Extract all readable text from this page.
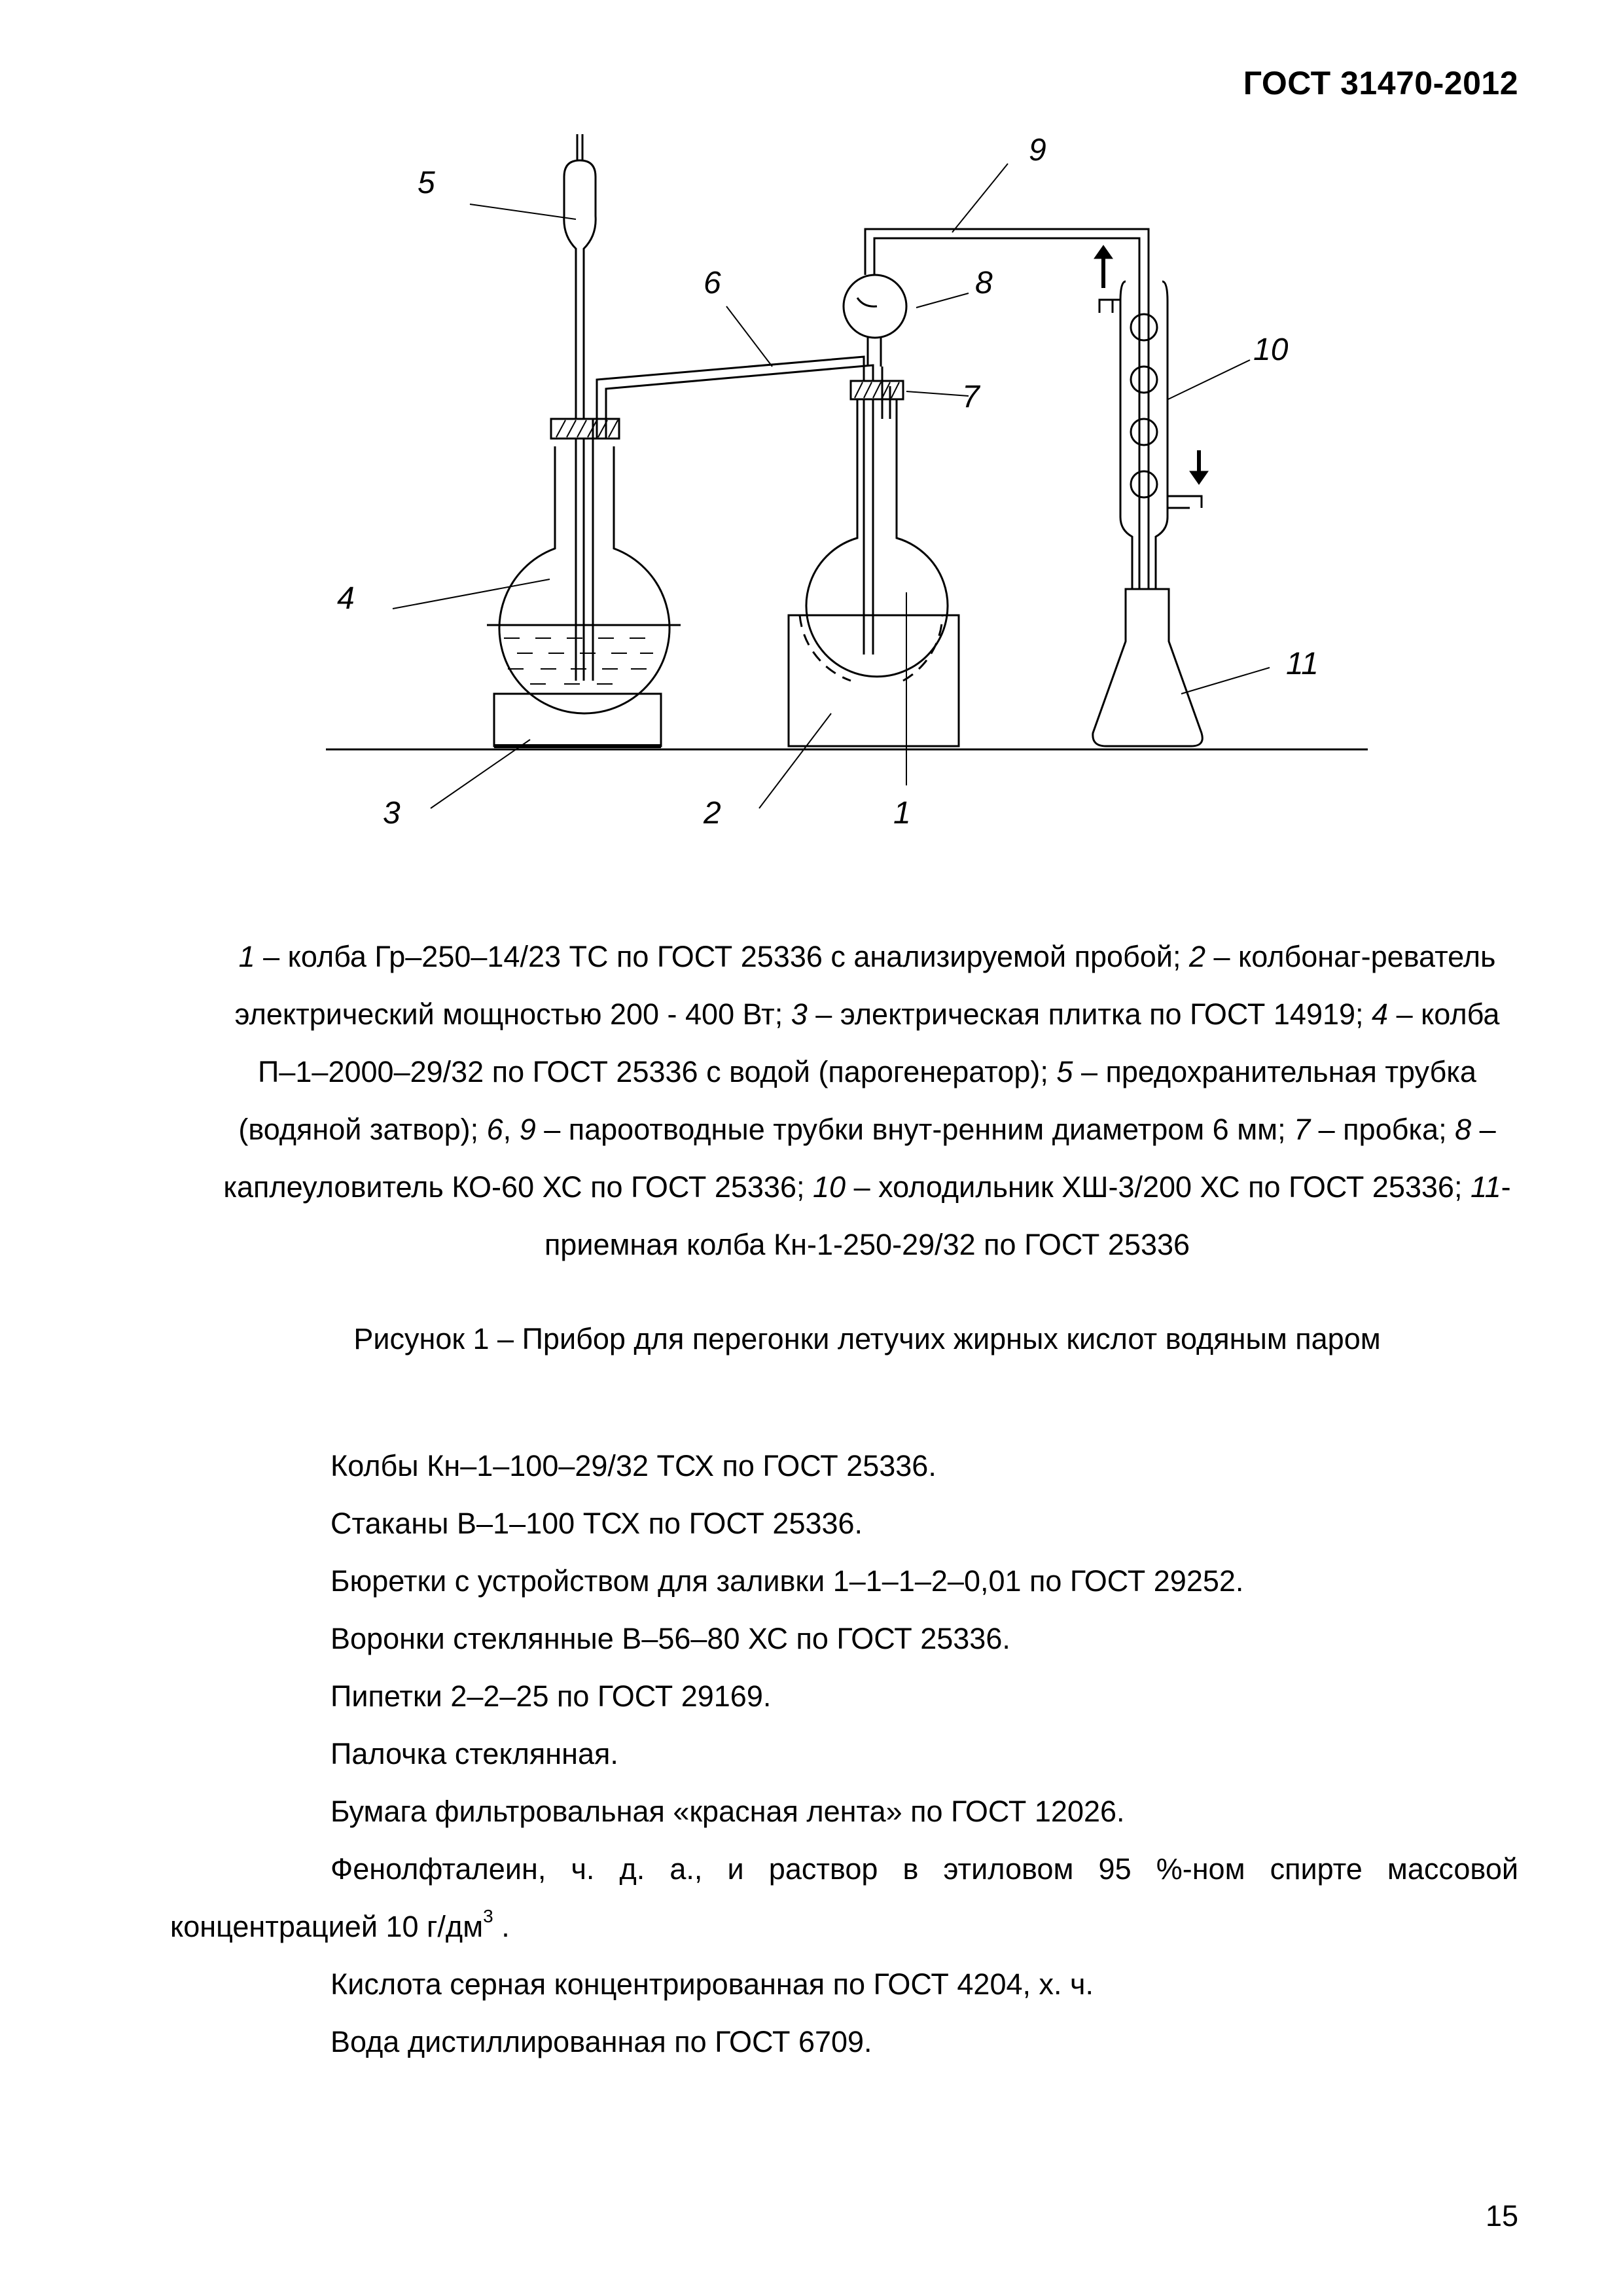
ГОСТ 31470-2012
5
9
6	8
10
7
4
11
3	2	1
1 – колба Гр–250–14/23 ТС по ГОСТ 25336 с анализируемой пробой; 2 – колбонаг-реватель электрический мощностью 200 - 400 Вт; 3 – электрическая плитка по ГОСТ 14919; 4 – колба П–1–2000–29/32 по ГОСТ 25336 с водой (парогенератор); 5 – предохранительная трубка (водяной затвор); 6, 9 – пароотводные трубки внут-ренним диаметром 6 мм; 7 – пробка; 8 – каплеуловитель КО-60 ХС по ГОСТ 25336; 10 – холодильник ХШ-3/200 ХС по ГОСТ 25336; 11- приемная колба Кн-1-250-29/32 по ГОСТ 25336
Рисунок 1 – Прибор для перегонки летучих жирных кислот водяным паром

Колбы Кн–1–100–29/32 ТСХ по ГОСТ 25336.

Стаканы В–1–100 ТСХ по ГОСТ 25336.

Бюретки с устройством для заливки 1–1–1–2–0,01 по ГОСТ 29252.

Воронки стеклянные В–56–80 ХС по ГОСТ 25336.

Пипетки 2–2–25 по ГОСТ 29169.

Палочка стеклянная.

Бумага фильтровальная «красная лента» по ГОСТ 12026.

Фенолфталеин, ч. д. а., и раствор в этиловом 95 %-ном спирте массовой

концентрацией 10 $г/дм^3$ .

Кислота серная концентрированная по ГОСТ 4204, х. ч.

Вода дистиллированная по ГОСТ 6709.

15
